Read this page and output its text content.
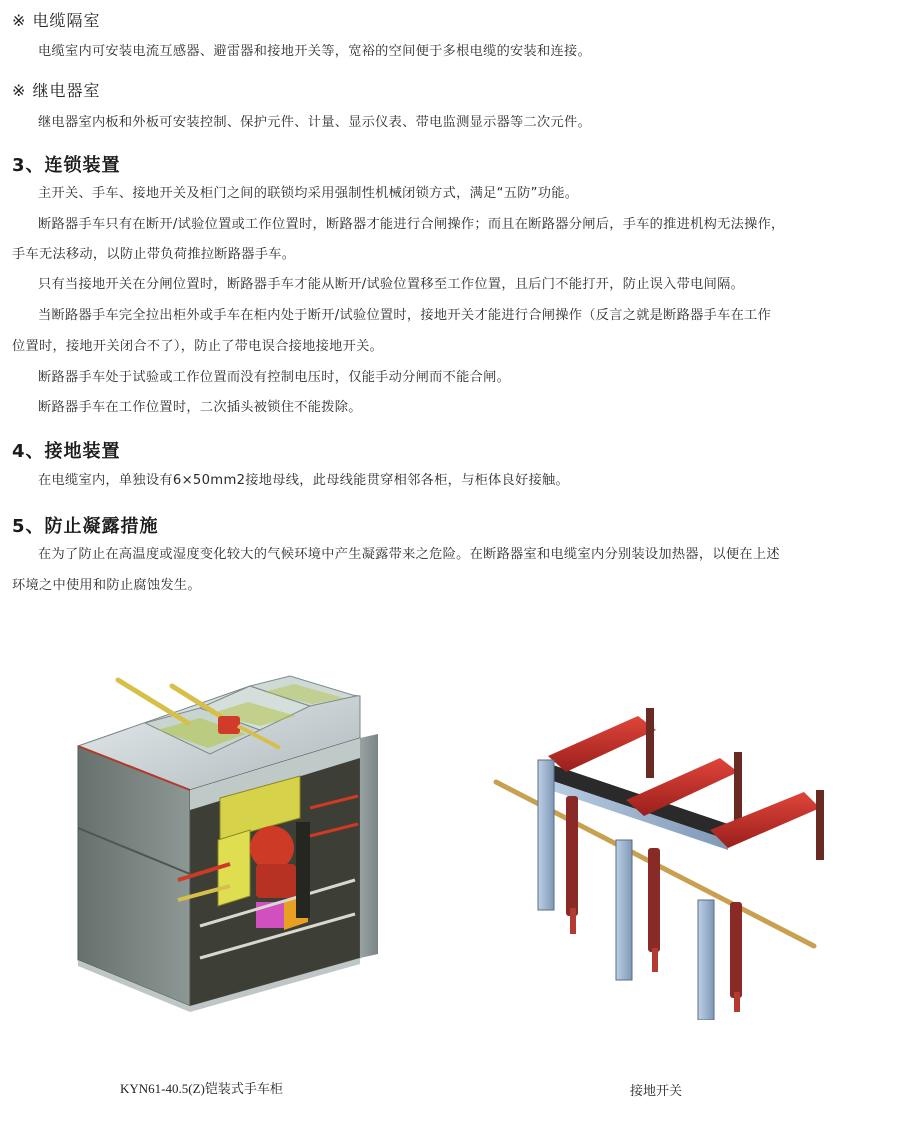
※ 电缆隔室
电缆室内可安装电流互感器、避雷器和接地开关等，宽裕的空间便于多根电缆的安装和连接。
※ 继电器室
继电器室内板和外板可安装控制、保护元件、计量、显示仪表、带电监测显示器等二次元件。
3、连锁装置
主开关、手车、接地开关及柜门之间的联锁均采用强制性机械闭锁方式，满足“五防”功能。
断路器手车只有在断开/试验位置或工作位置时，断路器才能进行合闸操作；而且在断路器分闸后，手车的推进机构无法操作，
手车无法移动，以防止带负荷推拉断路器手车。
只有当接地开关在分闸位置时，断路器手车才能从断开/试验位置移至工作位置，且后门不能打开，防止误入带电间隔。
当断路器手车完全拉出柜外或手车在柜内处于断开/试验位置时，接地开关才能进行合闸操作（反言之就是断路器手车在工作
位置时，接地开关闭合不了），防止了带电误合接地接地开关。
断路器手车处于试验或工作位置而没有控制电压时，仅能手动分闸而不能合闸。
断路器手车在工作位置时，二次插头被锁住不能拨除。
4、接地装置
在电缆室内，单独设有6×50mm2接地母线，此母线能贯穿相邻各柜，与柜体良好接触。
5、防止凝露措施
在为了防止在高温度或湿度变化较大的气候环境中产生凝露带来之危险。在断路器室和电缆室内分别装设加热器，以便在上述
环境之中使用和防止腐蚀发生。
KYN61-40.5(Z)铠装式手车柜	接地开关
